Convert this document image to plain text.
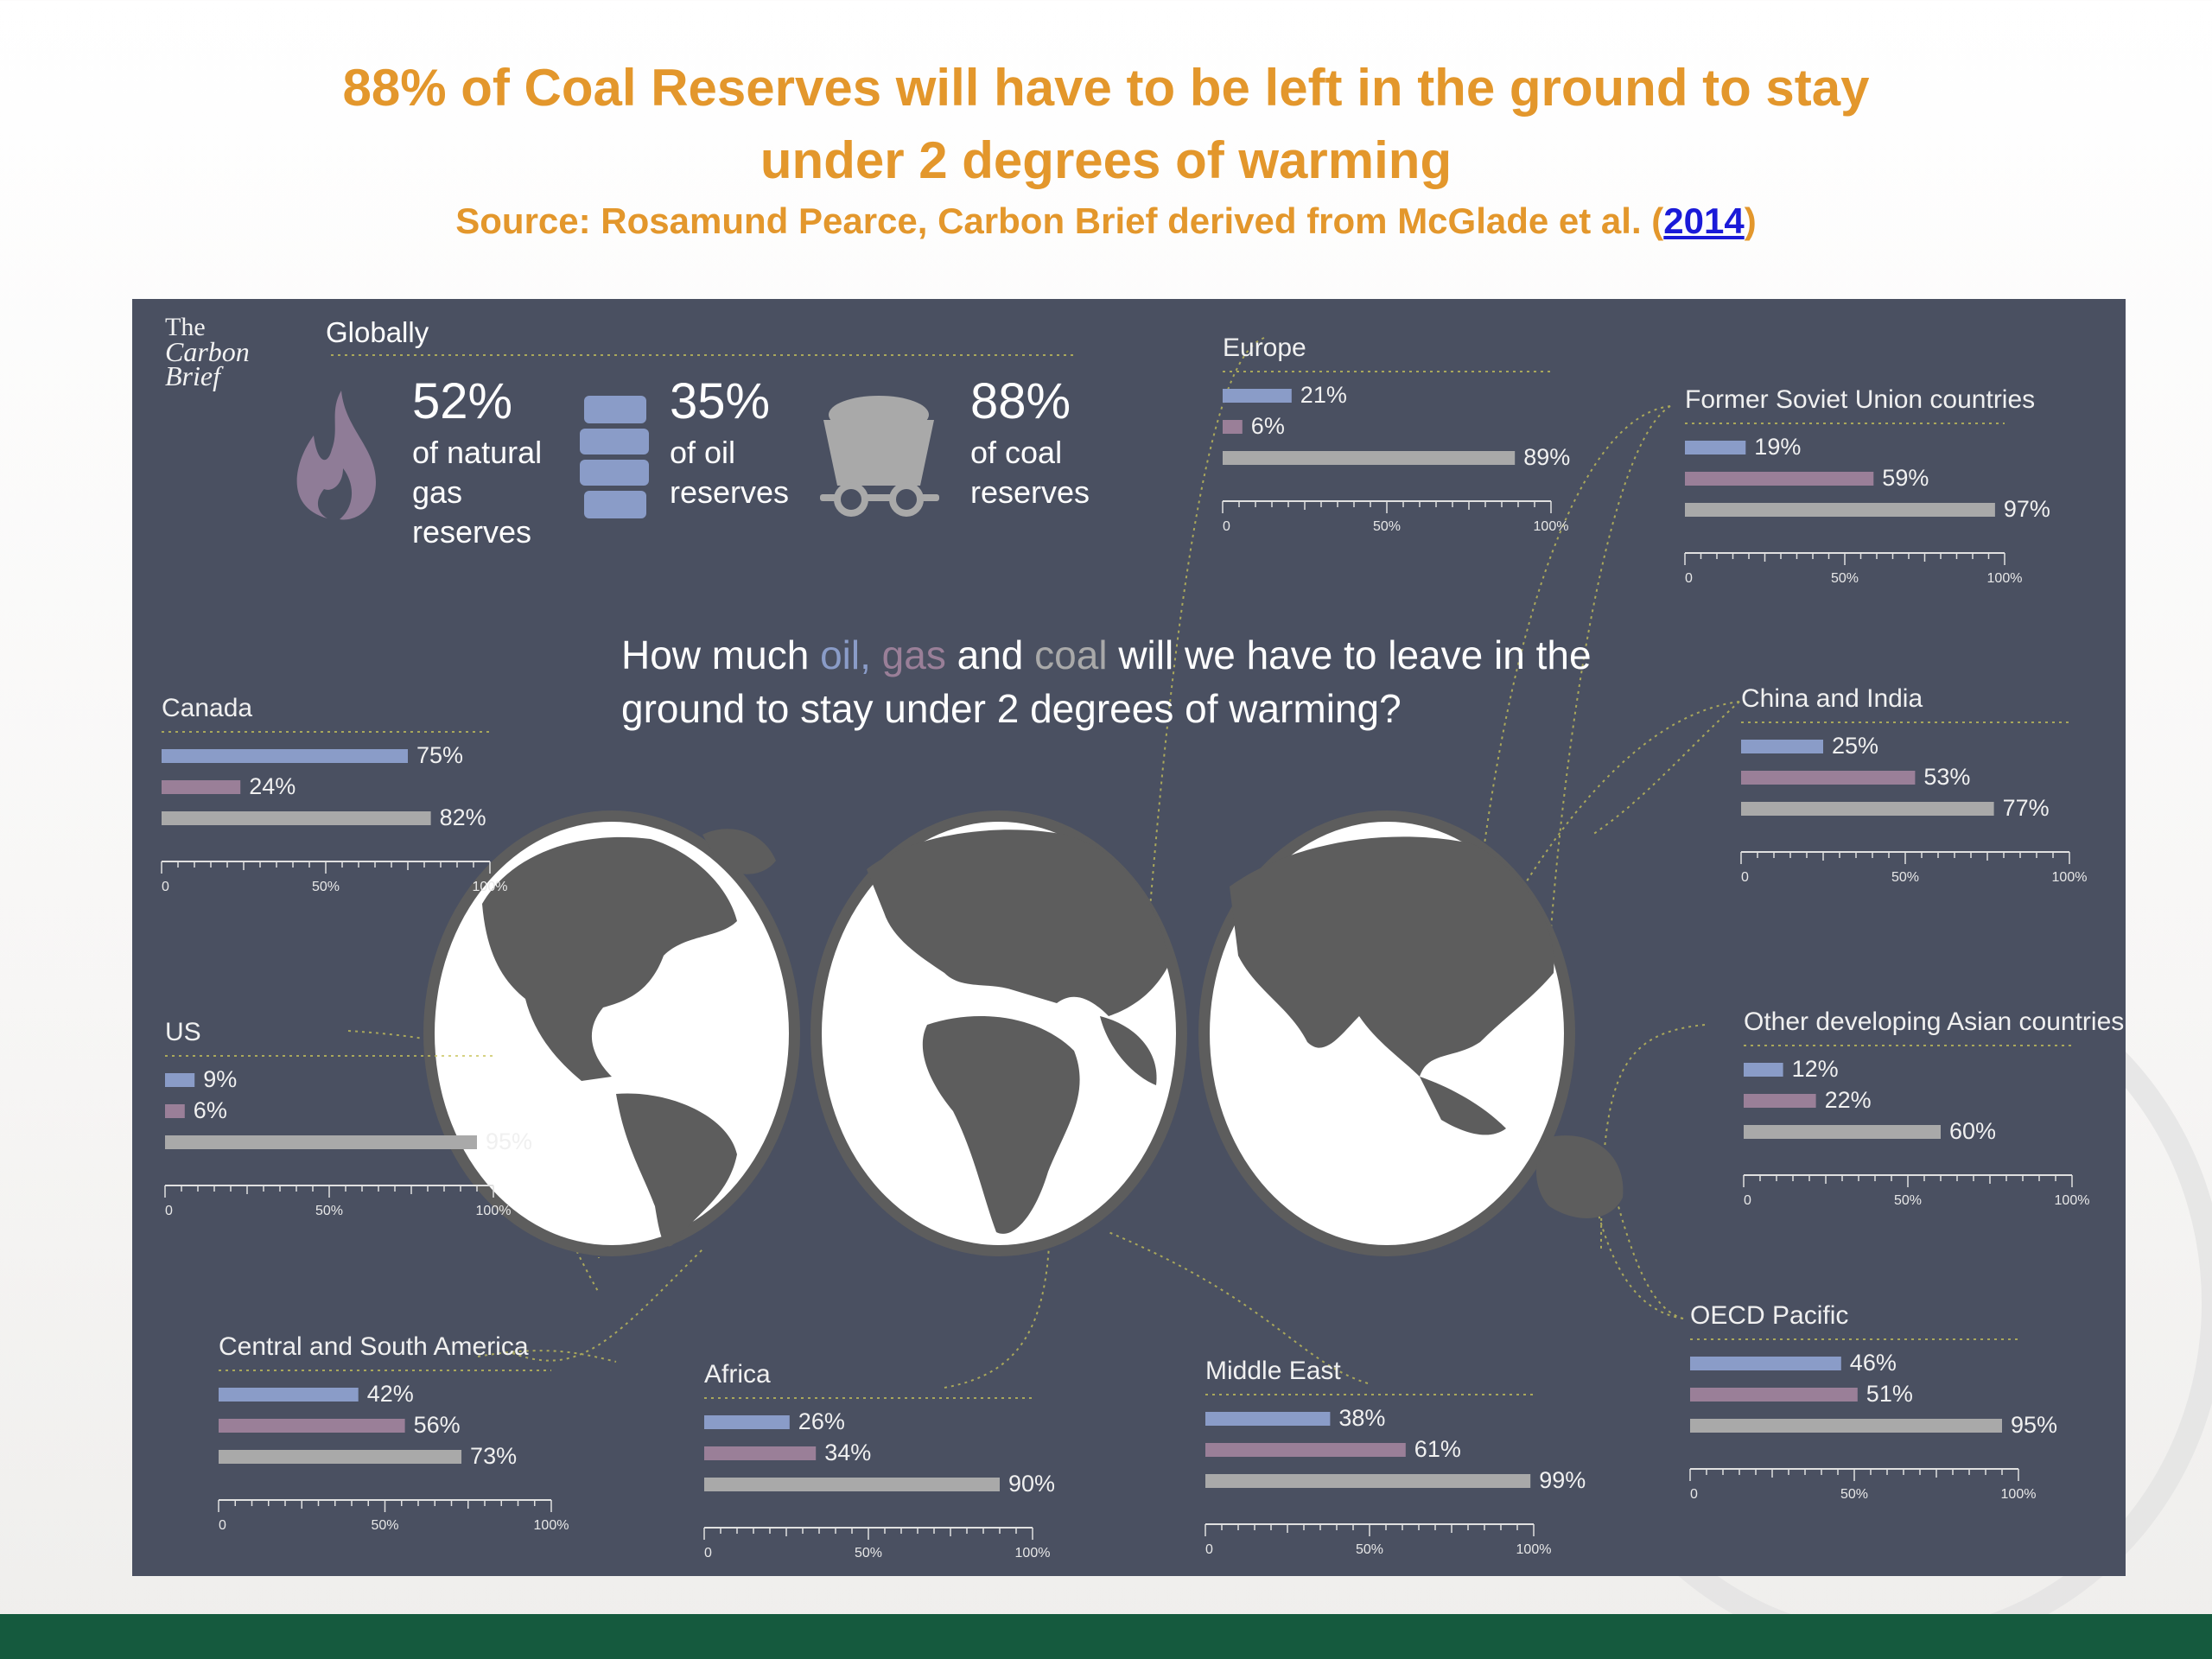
88% of Coal Reserves will have to be left in the ground to stay
under 2 degrees of warming
Source: Rosamund Pearce, Carbon Brief derived from McGlade et al. (2014)
The
Carbon
Brief
Globally
52%
of natural
gas
reserves
35%
of oil
reserves
88%
of coal
reserves
How much oil, gas and coal will we have to leave in the
ground to stay under 2 degrees of warming?
Europe
21%
6%
89%
0	50%	100%
Former Soviet Union countries
19%
59%
97%
0	50%	100%
Canada
75%
24%
82%
0	50%	100%
China and India
25%
53%
77%
0	50%	100%
US
9%
6%
95%
0	50%	100%
Other developing Asian countries
12%
22%
60%
0	50%	100%
Central and South America
42%
56%
73%
0	50%	100%
Africa
26%
34%
90%
0	50%	100%
Middle East
38%
61%
99%
0	50%	100%
OECD Pacific
46%
51%
95%
0	50%	100%
